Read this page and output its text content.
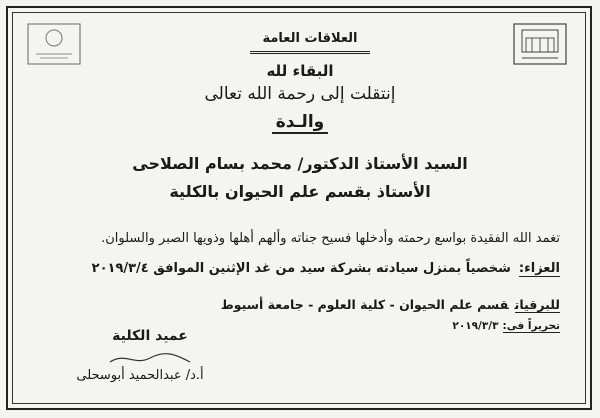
العلاقات العامة
البقاء لله
إنتقلت إلى رحمة الله تعالى
والـدة
السيد الأستاذ الدكتور/ محمد بسام الصلاحى
الأستاذ بقسم علم الحيوان بالكلية
تغمد الله الفقيدة بواسع رحمته وأدخلها فسيح جناته وألهم أهلها وذويها الصبر والسلوان.
العزاء:شخصياً بمنزل سيادته بشركة سيد من غد الإثنين الموافق ٢٠١٩/٣/٤
للبرقياتقسم علم الحيوان - كلية العلوم - جامعة أسيوط
تحريراً فى:٢٠١٩/٣/٣
عميد الكلية
أ.د/ عبدالحميد أبوسحلى
